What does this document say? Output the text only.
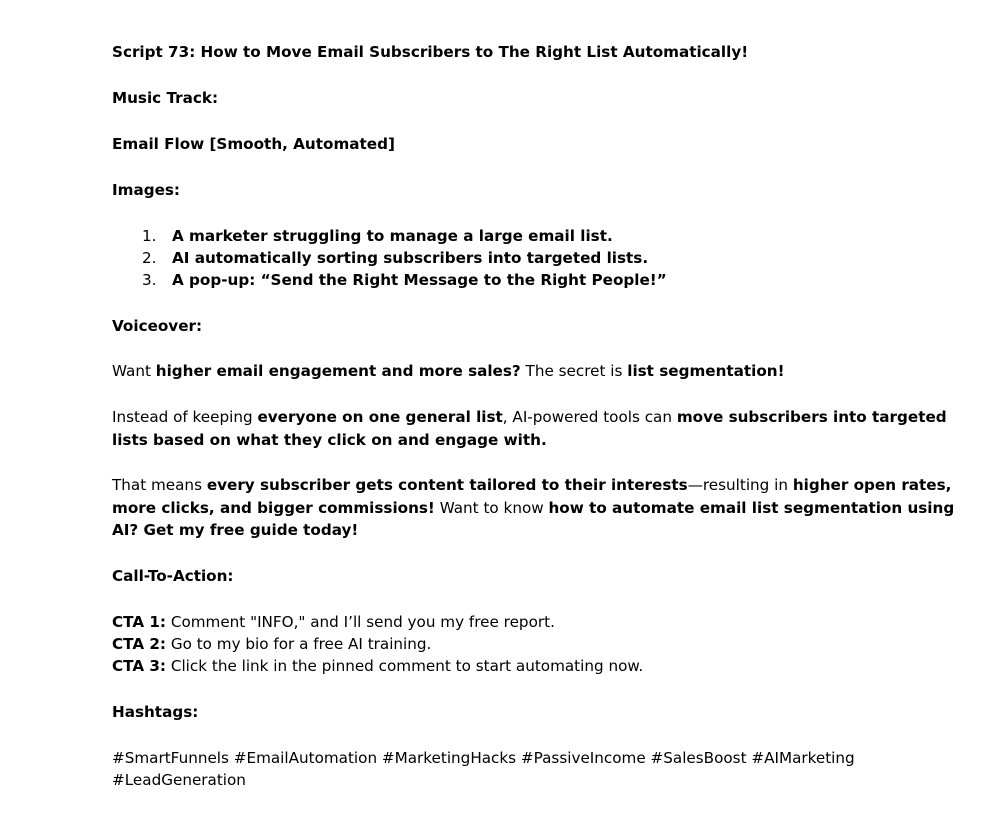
Script 73: How to Move Email Subscribers to The Right List Automatically!
Music Track:
Email Flow [Smooth, Automated]
Images:
1.	A marketer struggling to manage a large email list.
2.	AI automatically sorting subscribers into targeted lists.
3.	A pop-up: “Send the Right Message to the Right People!”
Voiceover:
Want higher email engagement and more sales? The secret is list segmentation!
Instead of keeping everyone on one general list, AI-powered tools can move subscribers into targeted
lists based on what they click on and engage with.
That means every subscriber gets content tailored to their interests—resulting in higher open rates,
more clicks, and bigger commissions! Want to know how to automate email list segmentation using
AI? Get my free guide today!
Call-To-Action:
CTA 1: Comment "INFO," and I’ll send you my free report.
CTA 2: Go to my bio for a free AI training.
CTA 3: Click the link in the pinned comment to start automating now.
Hashtags:
#SmartFunnels #EmailAutomation #MarketingHacks #PassiveIncome #SalesBoost #AIMarketing
#LeadGeneration
